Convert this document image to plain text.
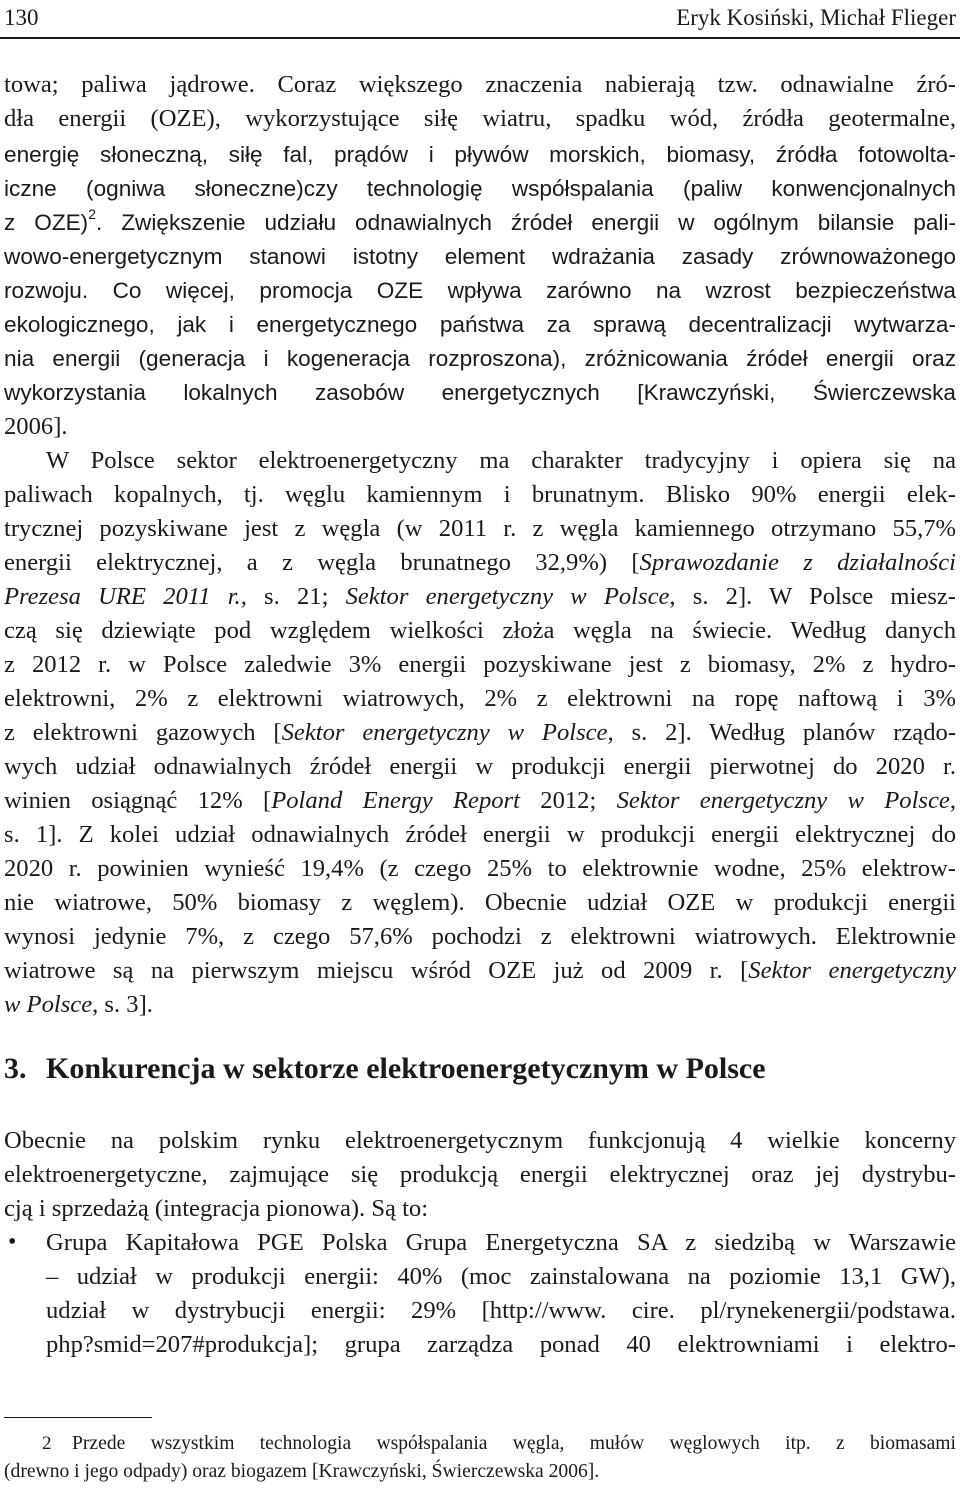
130	Eryk Kosiński, Michał Flieger
towa; paliwa jądrowe. Coraz większego znaczenia nabierają tzw. odnawialne źró-
dła energii (OZE), wykorzystujące siłę wiatru, spadku wód, źródła geotermalne,
energię słoneczną, siłę fal, prądów i pływów morskich, biomasy, źródła fotowolta-
iczne (ogniwa słoneczne)czy technologię współspalania (paliw konwencjonalnych
z OZE)$^2$. Zwiększenie udziału odnawialnych źródeł energii w ogólnym bilansie pali-
wowo-energetycznym stanowi istotny element wdrażania zasady zrównoważonego
rozwoju. Co więcej, promocja OZE wpływa zarówno na wzrost bezpieczeństwa
ekologicznego, jak i energetycznego państwa za sprawą decentralizacji wytwarza-
nia energii (generacja i kogeneracja rozproszona), zróżnicowania źródeł energii oraz
wykorzystania lokalnych zasobów energetycznych [Krawczyński, Świerczewska
2006].
W Polsce sektor elektroenergetyczny ma charakter tradycyjny i opiera się na
paliwach kopalnych, tj. węglu kamiennym i brunatnym. Blisko 90% energii elek-
trycznej pozyskiwane jest z węgla (w 2011 r. z węgla kamiennego otrzymano 55,7%
energii elektrycznej, a z węgla brunatnego 32,9%) [Sprawozdanie z działalności
Prezesa URE 2011 r., s. 21; Sektor energetyczny w Polsce, s. 2]. W Polsce miesz-
czą się dziewiąte pod względem wielkości złoża węgla na świecie. Według danych
z 2012 r. w Polsce zaledwie 3% energii pozyskiwane jest z biomasy, 2% z hydro-
elektrowni, 2% z elektrowni wiatrowych, 2% z elektrowni na ropę naftową i 3%
z elektrowni gazowych [Sektor energetyczny w Polsce, s. 2]. Według planów rządo-
wych udział odnawialnych źródeł energii w produkcji energii pierwotnej do 2020 r.
winien osiągnąć 12% [Poland Energy Report 2012; Sektor energetyczny w Polsce,
s. 1]. Z kolei udział odnawialnych źródeł energii w produkcji energii elektrycznej do
2020 r. powinien wynieść 19,4% (z czego 25% to elektrownie wodne, 25% elektrow-
nie wiatrowe, 50% biomasy z węglem). Obecnie udział OZE w produkcji energii
wynosi jedynie 7%, z czego 57,6% pochodzi z elektrowni wiatrowych. Elektrownie
wiatrowe są na pierwszym miejscu wśród OZE już od 2009 r. [Sektor energetyczny
w Polsce, s. 3].
3. Konkurencja w sektorze elektroenergetycznym w Polsce
Obecnie na polskim rynku elektroenergetycznym funkcjonują 4 wielkie koncerny
elektroenergetyczne, zajmujące się produkcją energii elektrycznej oraz jej dystrybu-
cją i sprzedażą (integracja pionowa). Są to:
• Grupa Kapitałowa PGE Polska Grupa Energetyczna SA z siedzibą w Warszawie
– udział w produkcji energii: 40% (moc zainstalowana na poziomie 13,1 GW),
udział w dystrybucji energii: 29% [http://www. cire. pl/rynekenergii/podstawa.
php?smid=207#produkcja]; grupa zarządza ponad 40 elektrowniami i elektro-
2 Przede wszystkim technologia współspalania węgla, mułów węglowych itp. z biomasami
(drewno i jego odpady) oraz biogazem [Krawczyński, Świerczewska 2006].
